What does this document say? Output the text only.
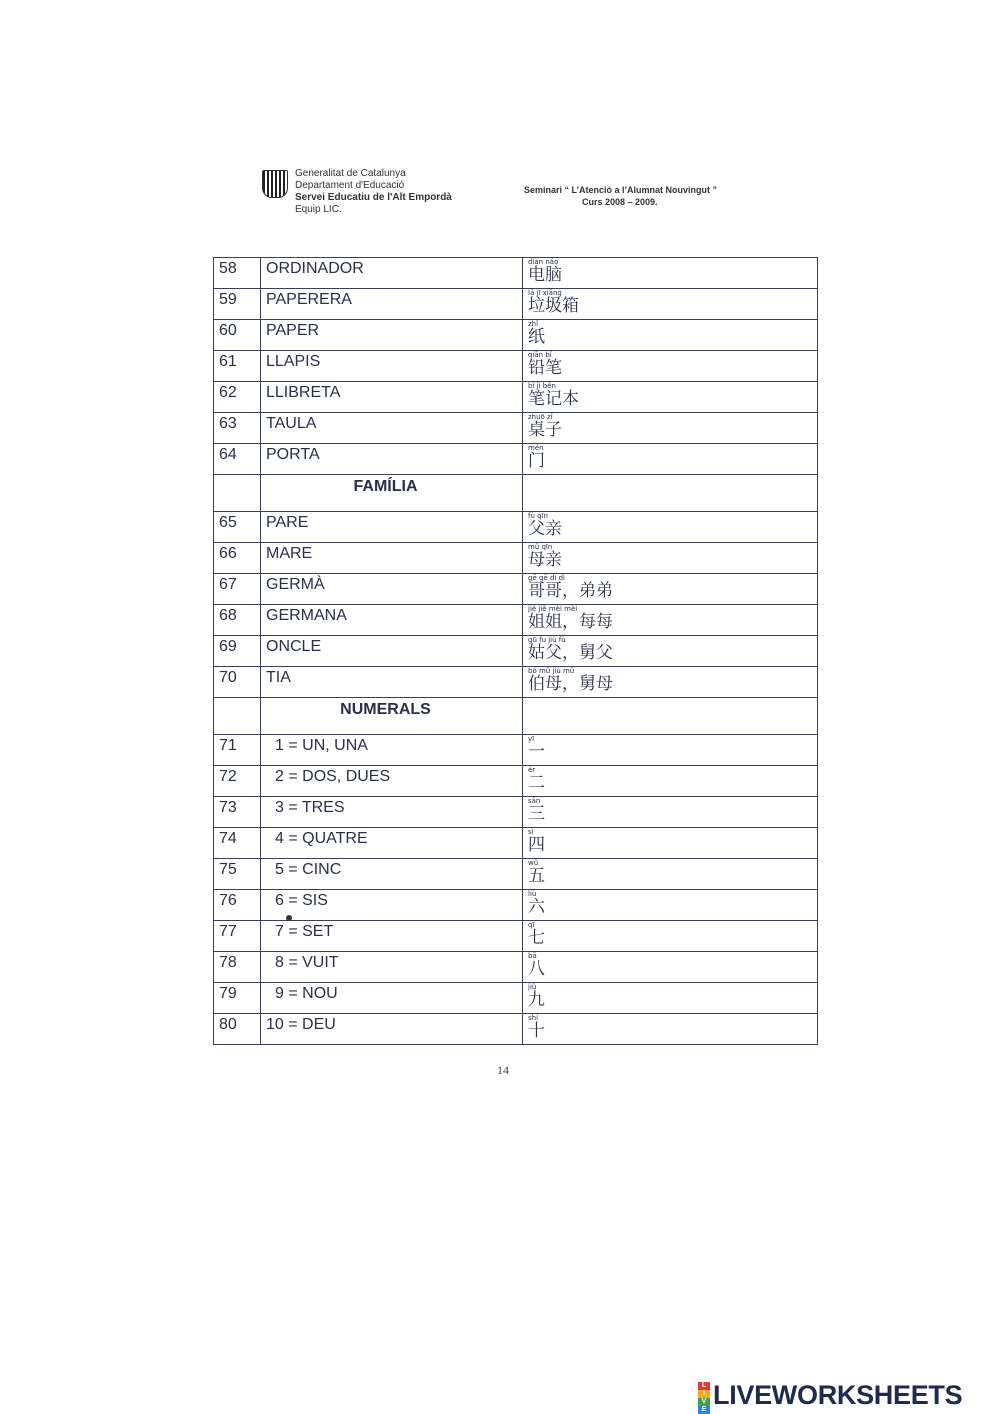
Generalitat de Catalunya
Departament d'Educació
Servei Educatiu de l'Alt Empordà
Equip LIC.
Seminari “ L’Atenció a l’Alumnat Nouvingut ”
Curs 2008 – 2009.
58	ORDINADOR	diàn nǎo
电脑

59	PAPERERA	lā jī xiāng
垃圾箱

60	PAPER	zhǐ
纸

61	LLAPIS	qiān bǐ
铅笔

62	LLIBRETA	bǐ jì běn
笔记本

63	TAULA	zhuō zǐ
桌子

64	PORTA	mén
门

	FAMÍLIA	

65	PARE	fù qīn
父亲

66	MARE	mǔ qīn
母亲

67	GERMÀ	gē gē dì dì
哥哥，弟弟

68	GERMANA	jiě jiě mèi mèi
姐姐，每每

69	ONCLE	gū fu jiù fù
姑父，舅父

70	TIA	bó mǔ jiù mǔ
伯母，舅母

	NUMERALS	

71	1 = UN, UNA	yī
一

72	2 = DOS, DUES	èr
二

73	3 = TRES	sān
三

74	4 = QUATRE	sì
四

75	5 = CINC	wǔ
五

76	6 = SIS	liù
六

77	7 = SET	qī
七

78	8 = VUIT	bā
八

79	9 = NOU	jiǔ
九

80	10 = DEU	shí
十
14
L
I
V
E LIVEWORKSHEETS
